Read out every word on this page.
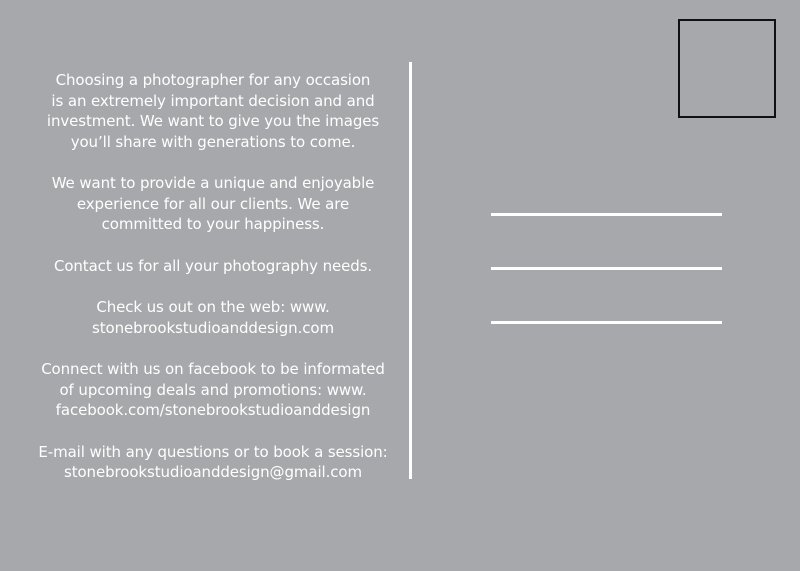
Choosing a photographer for any occasion
is an extremely important decision and and
investment. We want to give you the images
you’ll share with generations to come.

We want to provide a unique and enjoyable
experience for all our clients. We are
committed to your happiness.

Contact us for all your photography needs.

Check us out on the web: www.
stonebrookstudioanddesign.com

Connect with us on facebook to be informated
of upcoming deals and promotions: www.
facebook.com/stonebrookstudioanddesign

E-mail with any questions or to book a session:
stonebrookstudioanddesign@gmail.com
